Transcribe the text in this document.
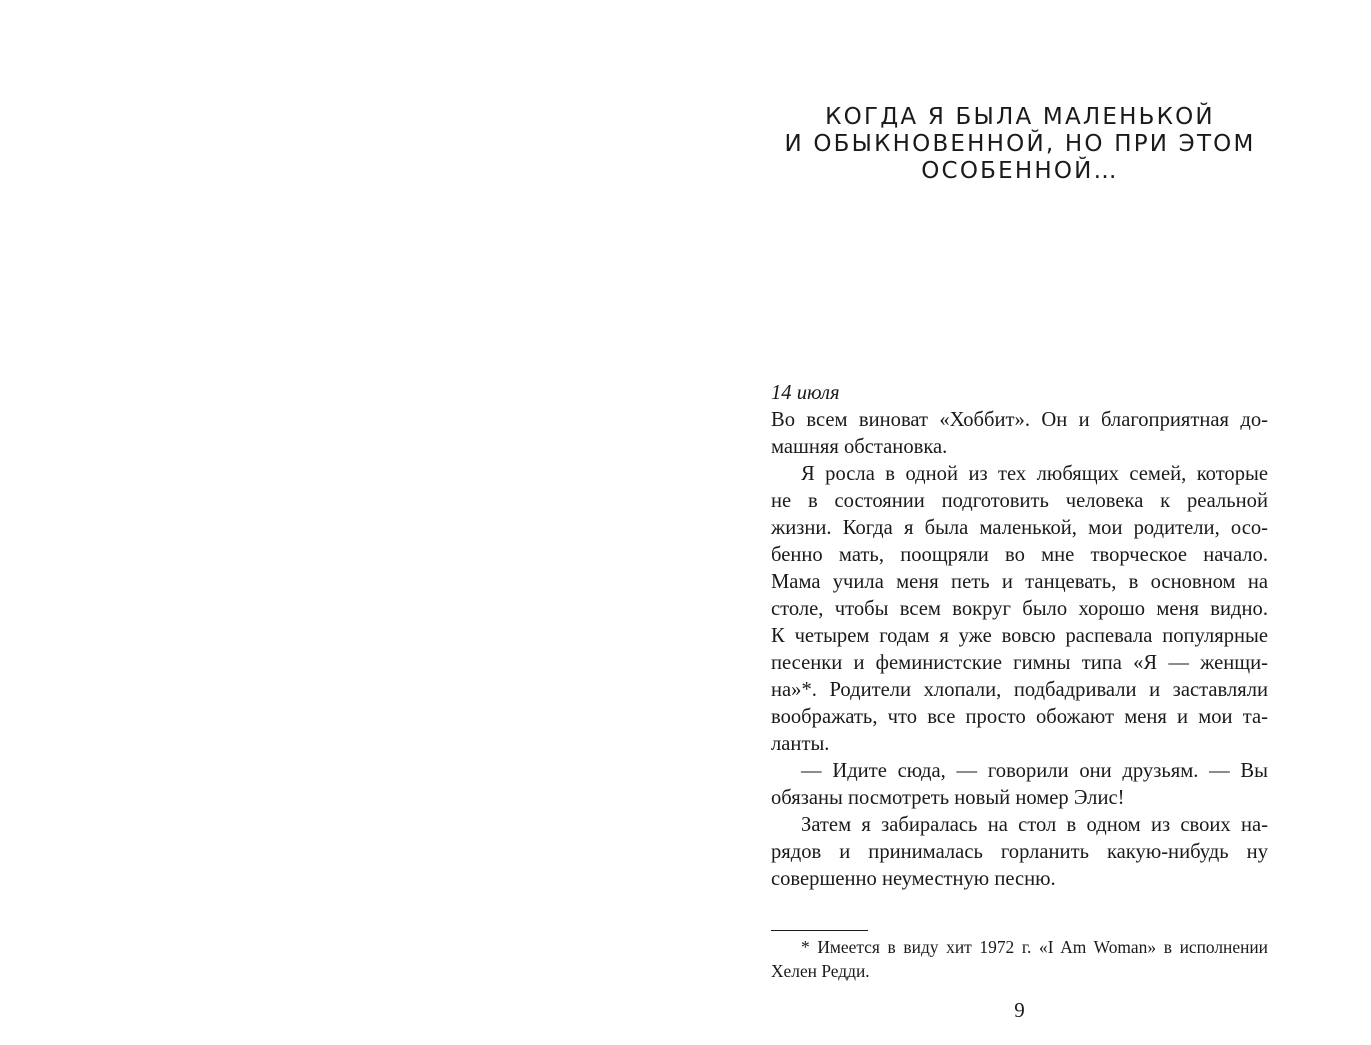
КОГДА Я БЫЛА МАЛЕНЬКОЙ
И ОБЫКНОВЕННОЙ, НО ПРИ ЭТОМ
ОСОБЕННОЙ…
14 июля
Во всем виноват «Хоббит». Он и благоприятная до-
машняя обстановка.
Я росла в одной из тех любящих семей, которые
не в состоянии подготовить человека к реальной
жизни. Когда я была маленькой, мои родители, осо-
бенно мать, поощряли во мне творческое начало.
Мама учила меня петь и танцевать, в основном на
столе, чтобы всем вокруг было хорошо меня видно.
К четырем годам я уже вовсю распевала популярные
песенки и феминистские гимны типа «Я — женщи-
на»*. Родители хлопали, подбадривали и заставляли
воображать, что все просто обожают меня и мои та-
ланты.
— Идите сюда, — говорили они друзьям. — Вы
обязаны посмотреть новый номер Элис!
Затем я забиралась на стол в одном из своих на-
рядов и принималась горланить какую-нибудь ну
совершенно неуместную песню.
* Имеется в виду хит 1972 г. «I Am Woman» в исполнении
Хелен Редди.
9
